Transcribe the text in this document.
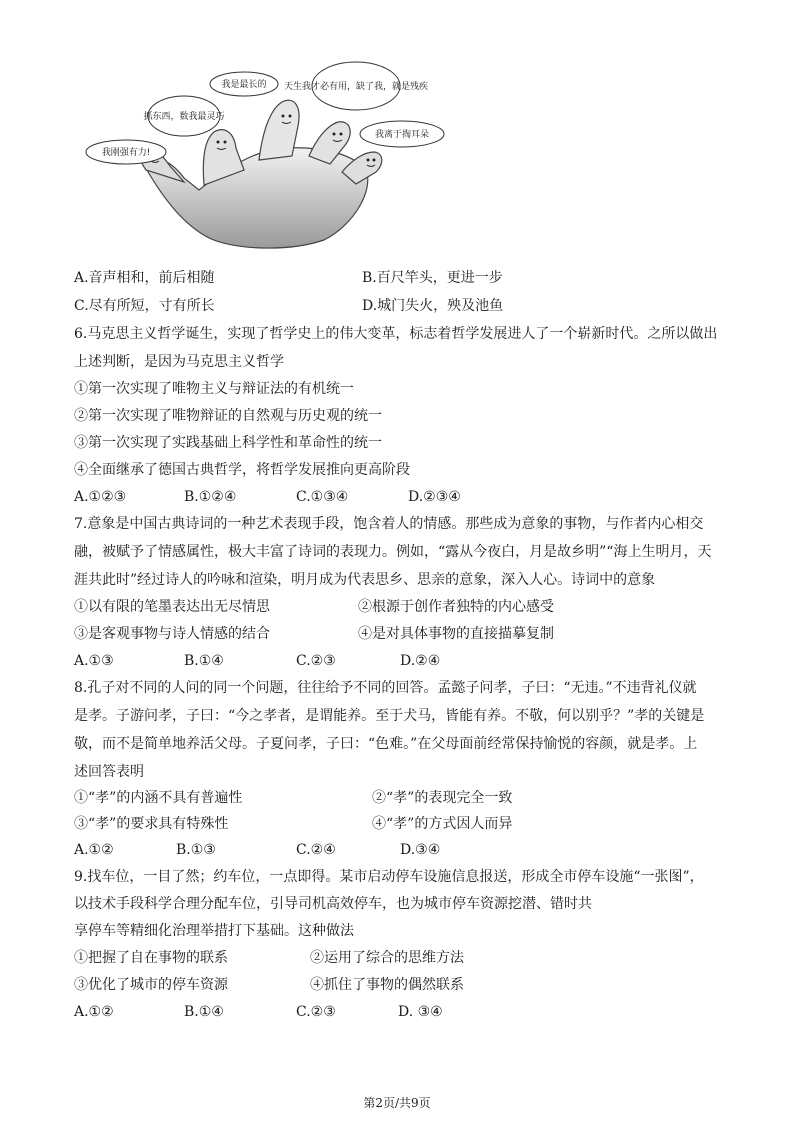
我刚强有力!
抓东西，数我最灵巧
我是最长的 天生我才必有用，缺了我，就是残疾
我离于掏耳朵
A.音声相和，前后相随	B.百尺竿头，更进一步
C.尽有所短，寸有所长	D.城门失火，殃及池鱼
6.马克思主义哲学诞生，实现了哲学史上的伟大变革，标志着哲学发展进人了一个崭新时代。之所以做出
上述判断，是因为马克思主义哲学
①第一次实现了唯物主义与辩证法的有机统一
②第一次实现了唯物辩证的自然观与历史观的统一
③第一次实现了实践基础上科学性和革命性的统一
④全面继承了德国古典哲学，将哲学发展推向更高阶段
A.①②③	B.①②④	C.①③④	D.②③④
7.意象是中国古典诗词的一种艺术表现手段，饱含着人的情感。那些成为意象的事物，与作者内心相交
融，被赋予了情感属性，极大丰富了诗词的表现力。例如，“露从今夜白，月是故乡明”“海上生明月，天
涯共此时”经过诗人的吟咏和渲染，明月成为代表思乡、思亲的意象，深入人心。诗词中的意象
①以有限的笔墨表达出无尽情思	②根源于创作者独特的内心感受
③是客观事物与诗人情感的结合	④是对具体事物的直接描摹复制
A.①③	B.①④	C.②③	D.②④
8.孔子对不同的人问的同一个问题，往往给予不同的回答。孟懿子问孝，子曰：“无违。”不违背礼仪就
是孝。子游问孝，子曰：“今之孝者，是谓能养。至于犬马，皆能有养。不敬，何以别乎？”孝的关键是
敬，而不是简单地养活父母。子夏问孝，子曰：“色难。”在父母面前经常保持愉悦的容颜，就是孝。上
述回答表明
①“孝”的内涵不具有普遍性	②“孝”的表现完全一致
③“孝”的要求具有特殊性	④“孝”的方式因人而异
A.①②	B.①③	C.②④	D.③④
9.找车位，一目了然；约车位，一点即得。某市启动停车设施信息报送，形成全市停车设施“一张图”，
以技术手段科学合理分配车位，引导司机高效停车，也为城市停车资源挖潜、错时共
享停车等精细化治理举措打下基础。这种做法
①把握了自在事物的联系	②运用了综合的思维方法
③优化了城市的停车资源	④抓住了事物的偶然联系
A.①②	B.①④	C.②③	D. ③④
第2页/共9页
